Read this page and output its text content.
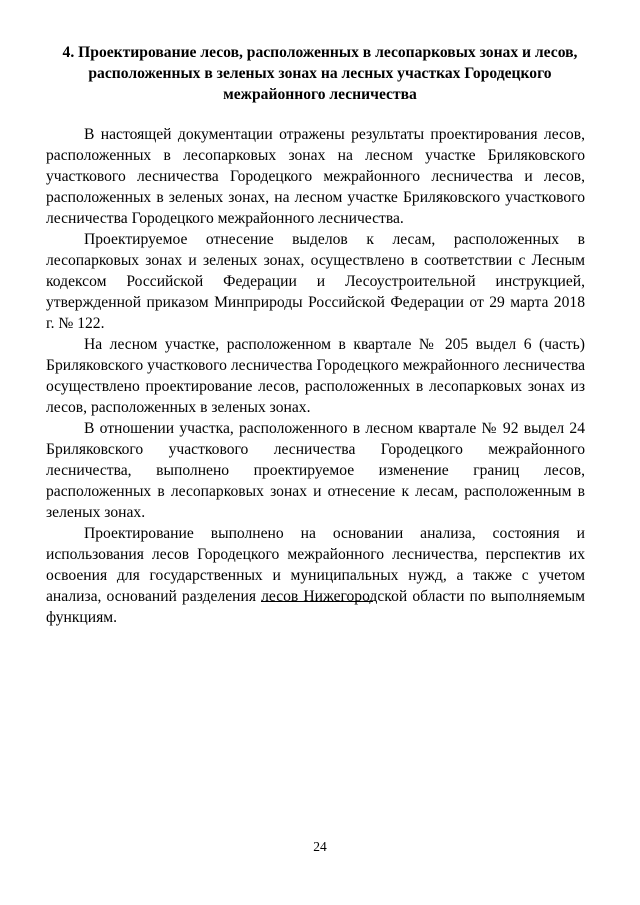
4. Проектирование лесов, расположенных в лесопарковых зонах и лесов, расположенных в зеленых зонах на лесных участках Городецкого межрайонного лесничества

В настоящей документации отражены результаты проектирования лесов, расположенных в лесопарковых зонах на лесном участке Бриляковского участкового лесничества Городецкого межрайонного лесничества и лесов, расположенных в зеленых зонах, на лесном участке Бриляковского участкового лесничества Городецкого межрайонного лесничества.

Проектируемое отнесение выделов к лесам, расположенных в лесопарковых зонах и зеленых зонах, осуществлено в соответствии с Лесным кодексом Российской Федерации и Лесоустроительной инструкцией, утвержденной приказом Минприроды Российской Федерации от 29 марта 2018 г. № 122.

На лесном участке, расположенном в квартале № 205 выдел 6 (часть) Бриляковского участкового лесничества Городецкого межрайонного лесничества осуществлено проектирование лесов, расположенных в лесопарковых зонах из лесов, расположенных в зеленых зонах.

В отношении участка, расположенного в лесном квартале № 92 выдел 24 Бриляковского участкового лесничества Городецкого межрайонного лесничества, выполнено проектируемое изменение границ лесов, расположенных в лесопарковых зонах и отнесение к лесам, расположенным в зеленых зонах.

Проектирование выполнено на основании анализа, состояния и использования лесов Городецкого межрайонного лесничества, перспектив их освоения для государственных и муниципальных нужд, а также с учетом анализа, оснований разделения лесов Нижегородской области по выполняемым функциям.

24
